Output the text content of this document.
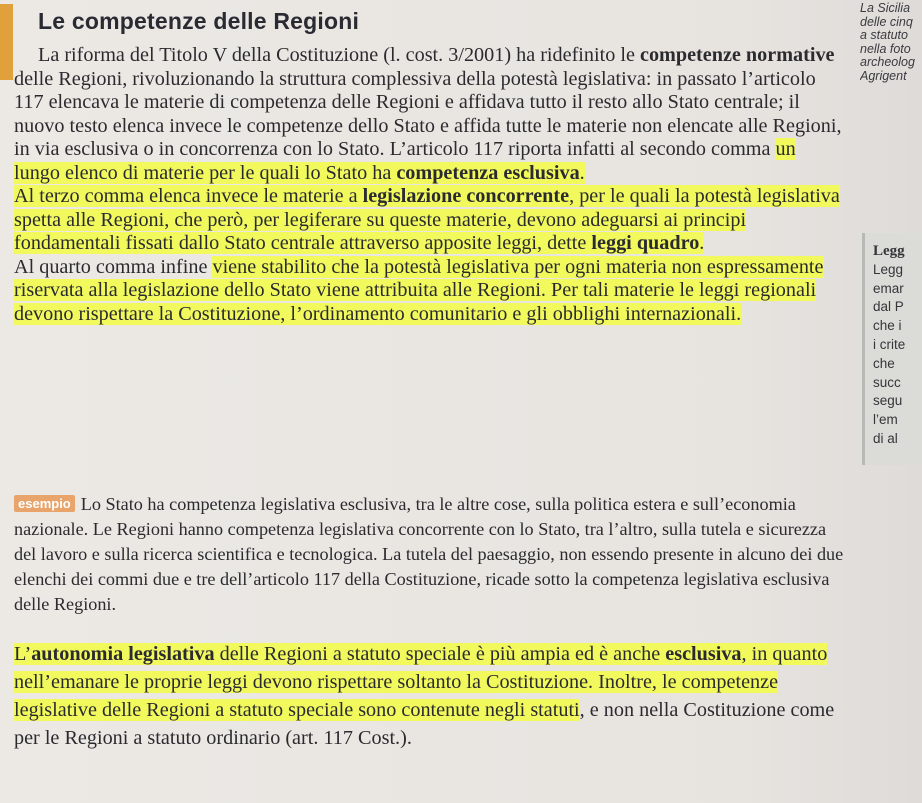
Le competenze delle Regioni

La riforma del Titolo V della Costituzione (l. cost. 3/2001) ha ridefinito le competenze normative delle Regioni, rivoluzionando la struttura complessiva della potestà legislativa: in passato l’articolo 117 elencava le materie di competenza delle Regioni e affidava tutto il resto allo Stato centrale; il nuovo testo elenca invece le competenze dello Stato e affida tutte le materie non elencate alle Regioni, in via esclusiva o in concorrenza con lo Stato. L’articolo 117 riporta infatti al secondo comma un lungo elenco di materie per le quali lo Stato ha competenza esclusiva.

Al terzo comma elenca invece le materie a legislazione concorrente, per le quali la potestà legislativa spetta alle Regioni, che però, per legiferare su queste materie, devono adeguarsi ai principi fondamentali fissati dallo Stato centrale attraverso apposite leggi, dette leggi quadro.

Al quarto comma infine viene stabilito che la potestà legislativa per ogni materia non espressamente riservata alla legislazione dello Stato viene attribuita alle Regioni. Per tali materie le leggi regionali devono rispettare la Costituzione, l’ordinamento comunitario e gli obblighi internazionali.

esempio Lo Stato ha competenza legislativa esclusiva, tra le altre cose, sulla politica estera e sull’economia nazionale. Le Regioni hanno competenza legislativa concorrente con lo Stato, tra l’altro, sulla tutela e sicurezza del lavoro e sulla ricerca scientifica e tecnologica. La tutela del paesaggio, non essendo presente in alcuno dei due elenchi dei commi due e tre dell’articolo 117 della Costituzione, ricade sotto la competenza legislativa esclusiva delle Regioni.

L’autonomia legislativa delle Regioni a statuto speciale è più ampia ed è anche esclusiva, in quanto nell’emanare le proprie leggi devono rispettare soltanto la Costituzione. Inoltre, le competenze legislative delle Regioni a statuto speciale sono contenute negli statuti, e non nella Costituzione come per le Regioni a statuto ordinario (art. 117 Cost.).

La Sicilia
delle cinq
a statuto
nella foto
archeolog
Agrigent
Legg
Legg
emar
dal P
che i
i crite
che
succ
segu
l’em
di al
